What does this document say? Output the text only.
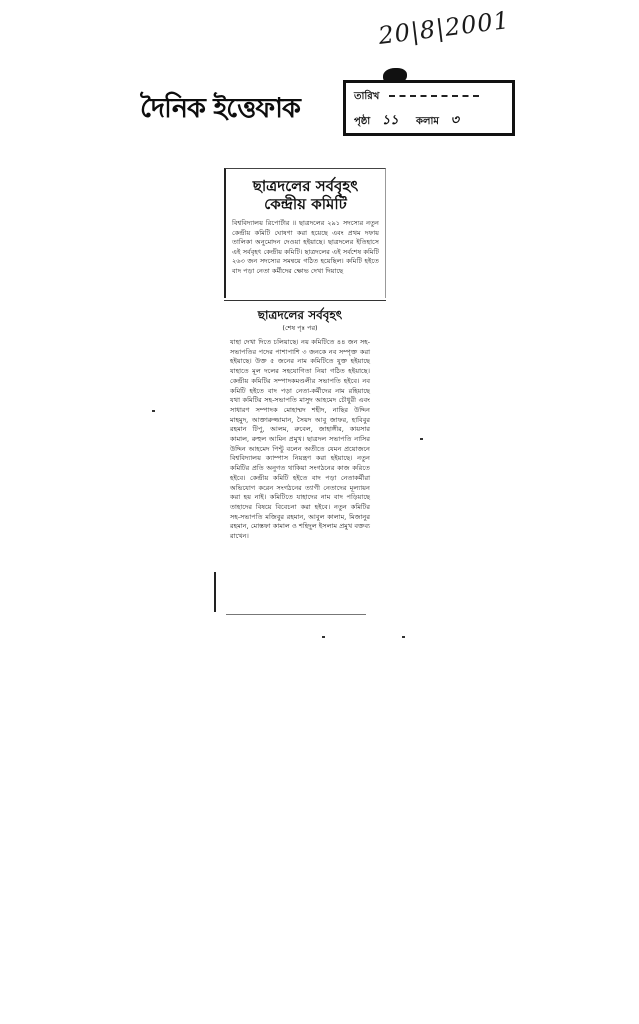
20|8|2001
দৈনিক ইত্তেফাক	তারিখ
পৃষ্ঠা ১১ কলাম ৩
ছাত্রদলের সর্ববৃহৎ
কেন্দ্রীয় কমিটি

বিশ্ববিদ্যালয় রিপোর্টার ॥ ছাত্রদলের ২৯১ সদস্যের নতুন কেন্দ্রীয় কমিটি ঘোষণা করা হয়েছে এবং প্রথম দফায় তালিকা অনুমোদন দেওয়া হইয়াছে। ছাত্রদলের ইতিহাসে এই সর্ববৃহৎ কেন্দ্রীয় কমিটি। ছাত্রদলের এই সর্বশেষ কমিটি ২৬৩ জন সদস্যের সমন্বয়ে গঠিত হয়েছিল। কমিটি হইতে বাদ পড়া নেতা কর্মীদের ক্ষোভ দেখা দিয়াছে

ছাত্রদলের সর্ববৃহৎ
(শেষ পৃঃ পর)

যাহা দেখা দিতে চলিয়াছে। নয় কমিটিতে ৪৪ জন সহ-সভাপতির পদের পাশাপাশি ৩ জনকে নব সম্পৃক্ত করা হইয়াছে। উক্ত ৫ জনের নাম কমিটিতে যুক্ত হইয়াছে যাহাতে মূল দলের সহযোগিতা নিয়া গঠিত হইয়াছে। কেন্দ্রীয় কমিটির সম্পাদকমণ্ডলীর সভাপতি হইবে। নব কমিটি হইতে বাদ পড়া নেতা-কর্মীদের নাম রহিয়াছে যথা কমিটির সহ-সভাপতি মাসুদ আহমেদ চৌধুরী এবং সাধারণ সম্পাদক মোহাম্মদ শহীদ, নাছির উদ্দিন মাহমুদ, আক্তারুজ্জামান, সৈয়দ আবু জাফর, হাবিবুর রহমান টিপু, আলম, রুবেল, জাহাঙ্গীর, কায়সার কামাল, রুহুল আমিন প্রমুখ। ছাত্রদল সভাপতি নাসির উদ্দিন আহমেদ পিন্টু বলেন অতীতে যেমন প্রয়োজনে বিশ্ববিদ্যালয় ক্যাম্পাস নিয়ন্ত্রণ করা হইয়াছে। নতুন কমিটির প্রতি অনুগত থাকিয়া সংগঠনের কাজ করিতে হইবে। কেন্দ্রীয় কমিটি হইতে বাদ পড়া নেতাকর্মীরা অভিযোগ করেন সংগঠনের ত্যাগী নেতাদের মূল্যায়ন করা হয় নাই। কমিটিতে যাহাদের নাম বাদ পড়িয়াছে তাহাদের বিষয়ে বিবেচনা করা হইবে। নতুন কমিটির সহ-সভাপতি মজিবুর রহমান, আবুল কালাম, মিজানুর রহমান, মোস্তফা কামাল ও শহিদুল ইসলাম প্রমুখ বক্তব্য রাখেন।
